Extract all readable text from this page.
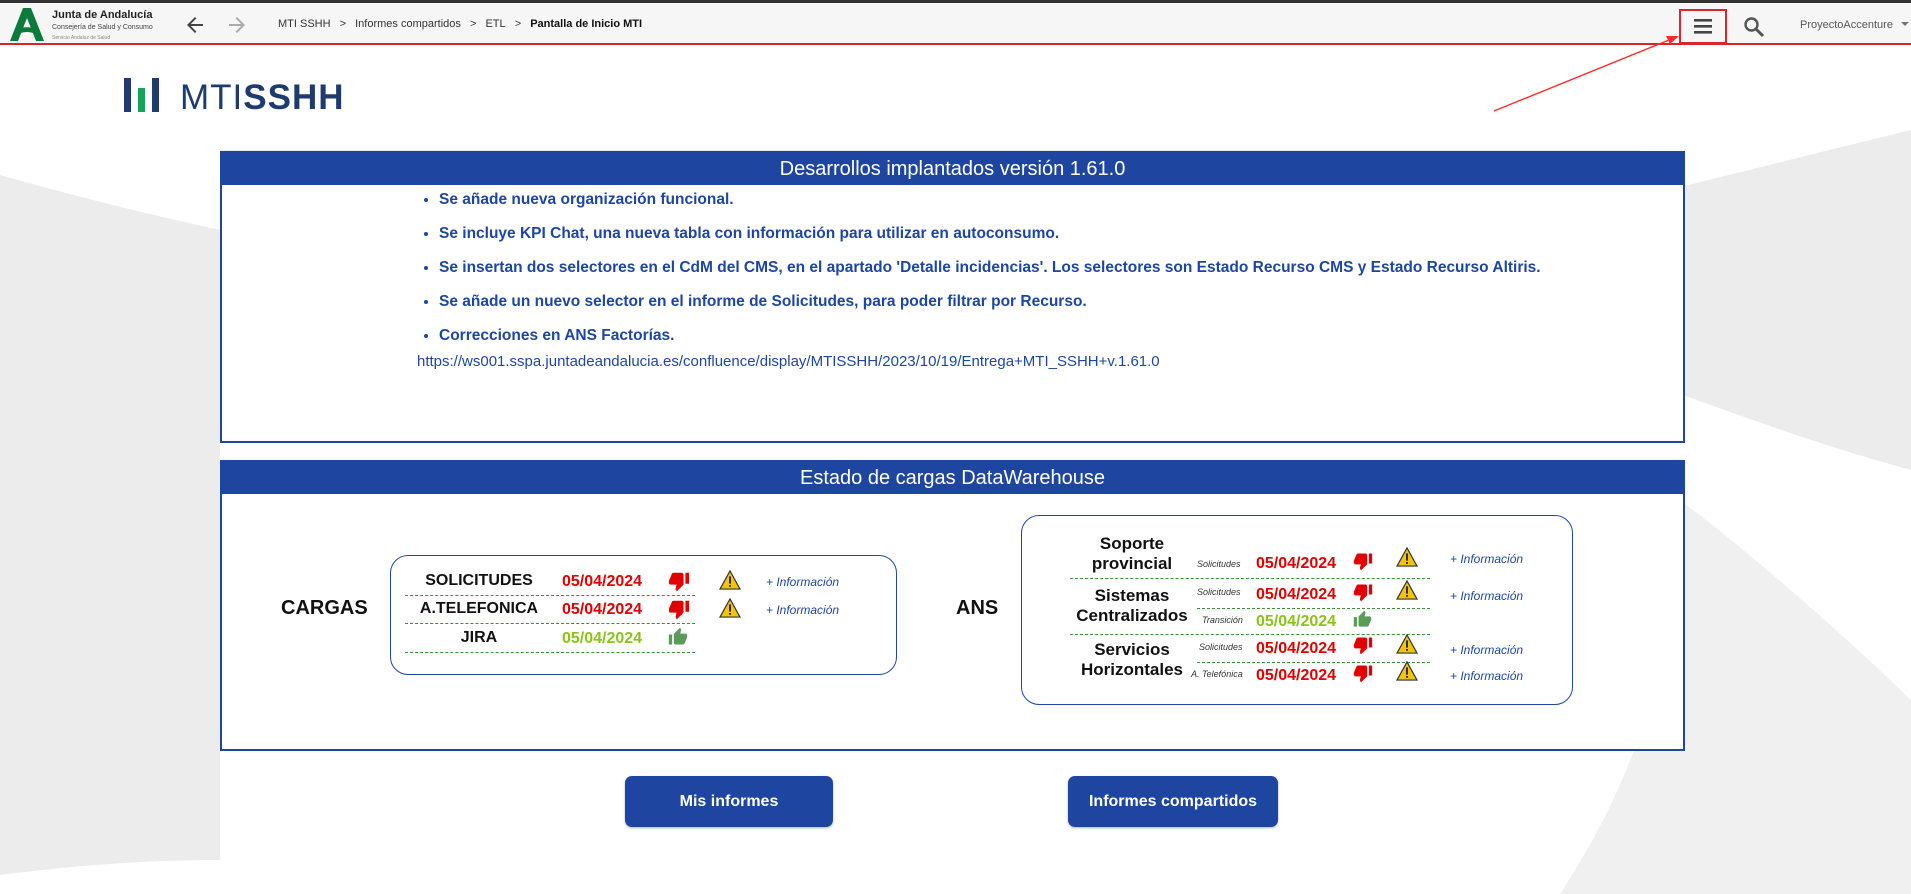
Junta de Andalucía
Consejería de Salud y Consumo
Servicio Andaluz de Salud
MTI SSHH > Informes compartidos > ETL > Pantalla de Inicio MTI	ProyectoAccenture
MTISSHH
Desarrollos implantados versión 1.61.0
• Se añade nueva organización funcional.
• Se incluye KPI Chat, una nueva tabla con información para utilizar en autoconsumo.
• Se insertan dos selectores en el CdM del CMS, en el apartado 'Detalle incidencias'. Los selectores son Estado Recurso CMS y Estado Recurso Altiris.
• Se añade un nuevo selector en el informe de Solicitudes, para poder filtrar por Recurso.
• Correcciones en ANS Factorías.
https://ws001.sspa.juntadeandalucia.es/confluence/display/MTISSHH/2023/10/19/Entrega+MTI_SSHH+v.1.61.0
Estado de cargas DataWarehouse
CARGAS
SOLICITUDES	05/04/2024	+ Información
A.TELEFONICA	05/04/2024	+ Información
JIRA	05/04/2024
ANS
Soporte
provincial	Solicitudes 05/04/2024	+ Información
Sistemas
Centralizados
Solicitudes 05/04/2024	+ Información
Transición 05/04/2024
Servicios
Horizontales
Solicitudes 05/04/2024	+ Información
A. Telefónica 05/04/2024	+ Información
Mis informes	Informes compartidos
